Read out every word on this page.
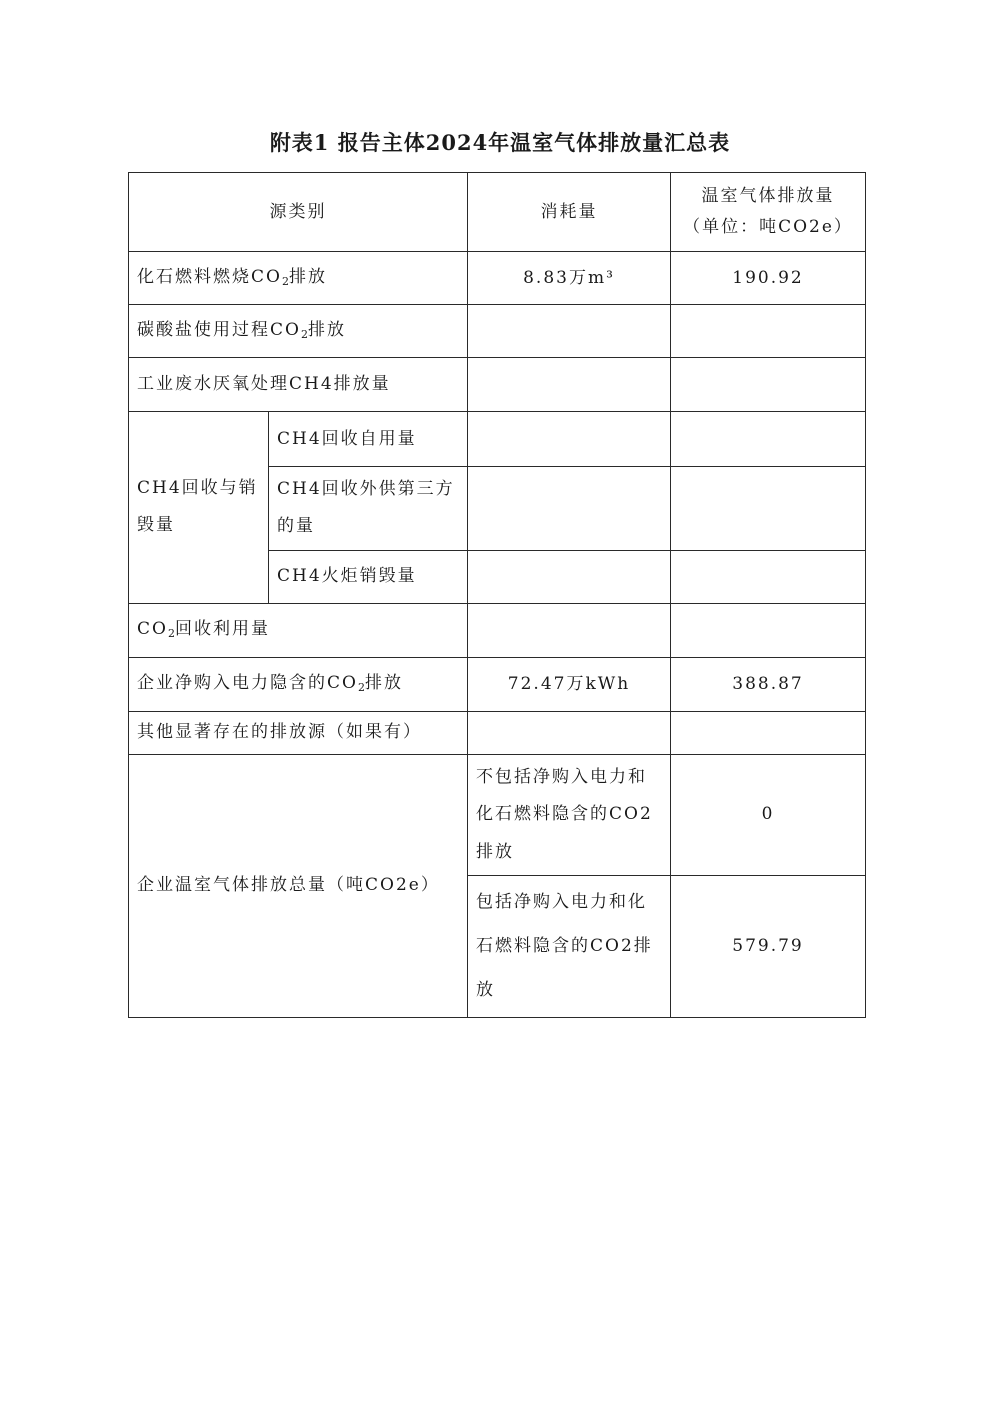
附表1 报告主体2024年温室气体排放量汇总表
源类别		消耗量	温室气体排放量
（单位：吨CO2e）

化石燃料燃烧$CO_2$排放		8.83万m³	190.92
碳酸盐使用过程$CO_2$排放			
工业废水厌氧处理CH4排放量			
CH4回收与销毁量	CH4回收自用量		
	CH4回收外供第三方的量		
	CH4火炬销毁量		
$CO_2$回收利用量			
企业净购入电力隐含的$CO_2$排放		72.47万kWh	388.87
其他显著存在的排放源（如果有）			
企业温室气体排放总量（吨CO2e）		不包括净购入电力和化石燃料隐含的CO2排放	0
		包括净购入电力和化石燃料隐含的CO2排放	579.79
